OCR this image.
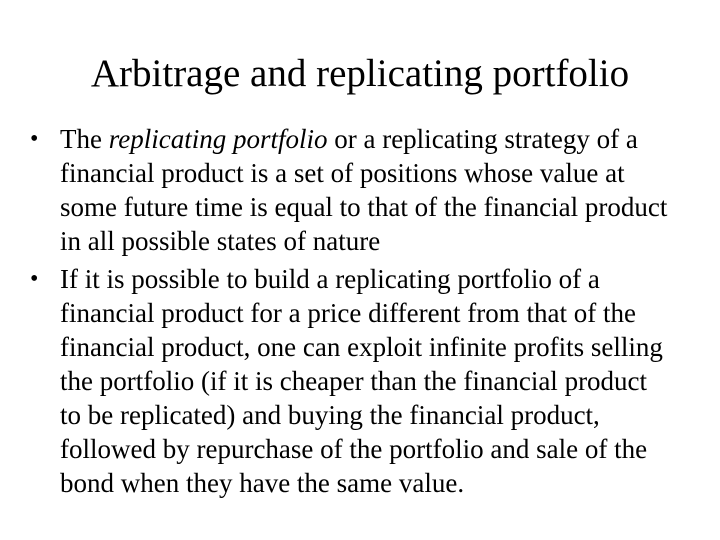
Arbitrage and replicating portfolio
• The replicating portfolio or a replicating strategy of a
financial product is a set of positions whose value at
some future time is equal to that of the financial product
in all possible states of nature
• If it is possible to build a replicating portfolio of a
financial product for a price different from that of the
financial product, one can exploit infinite profits selling
the portfolio (if it is cheaper than the financial product
to be replicated) and buying the financial product,
followed by repurchase of the portfolio and sale of the
bond when they have the same value.
